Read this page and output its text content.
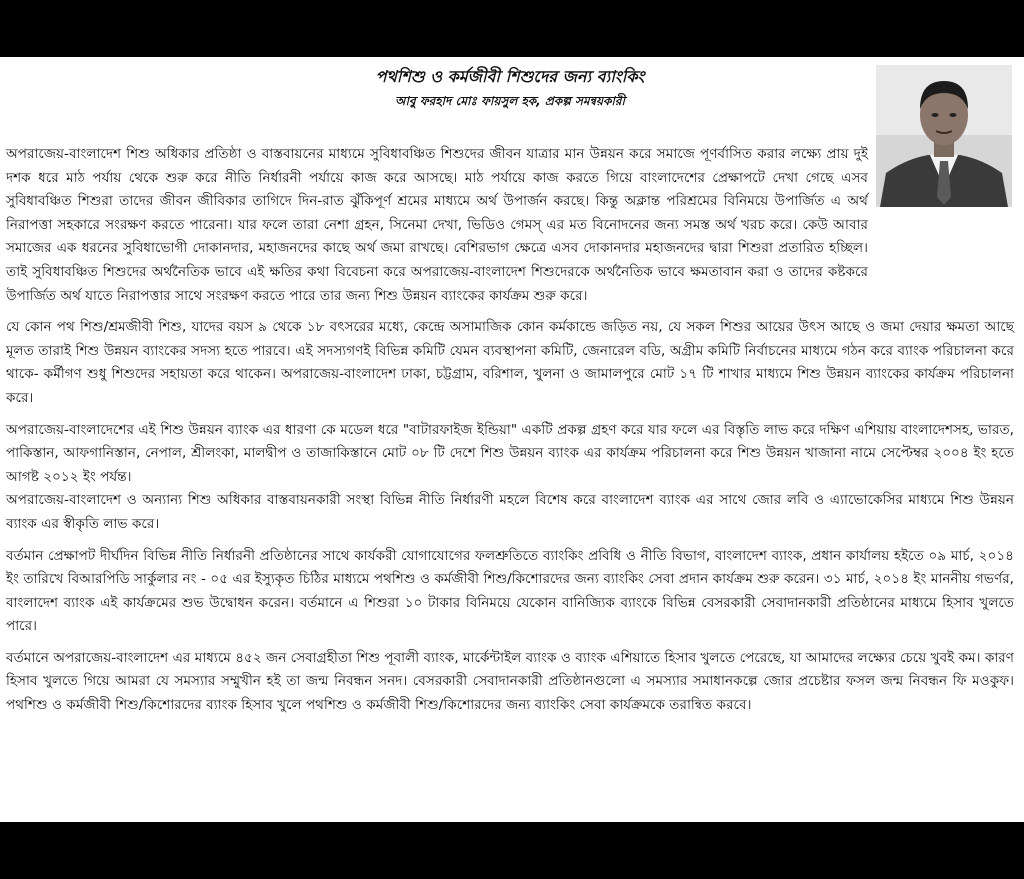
পথশিশু ও কর্মজীবী শিশুদের জন্য ব্যাংকিং
আবু ফরহাদ মোঃ ফায়সুল হক, প্রকল্প সমন্বয়কারী

অপরাজেয়-বাংলাদেশ শিশু অধিকার প্রতিষ্ঠা ও বাস্তবায়নের মাধ্যমে সুবিধাবঞ্চিত শিশুদের জীবন যাত্রার মান উন্নয়ন করে সমাজে পূণর্বাসিত করার লক্ষ্যে প্রায় দুই দশক ধরে মাঠ পর্যায় থেকে শুরু করে নীতি নির্ধারনী পর্যায়ে কাজ করে আসছে। মাঠ পর্যায়ে কাজ করতে গিয়ে বাংলাদেশের প্রেক্ষাপটে দেখা গেছে এসব সুবিধাবঞ্চিত শিশুরা তাদের জীবন জীবিকার তাগিদে দিন-রাত ঝুঁকিপূর্ণ শ্রমের মাধ্যমে অর্থ উপার্জন করছে। কিন্তু অক্লান্ত পরিশ্রমের বিনিময়ে উপার্জিত এ অর্থ নিরাপত্তা সহকারে সংরক্ষণ করতে পারেনা। যার ফলে তারা নেশা গ্রহন, সিনেমা দেখা, ভিডিও গেমস্ এর মত বিনোদনের জন্য সমস্ত অর্থ খরচ করে। কেউ আবার সমাজের এক ধরনের সুবিধাভোগী দোকানদার, মহাজনদের কাছে অর্থ জমা রাখছে। বেশিরভাগ ক্ষেত্রে এসব দোকানদার মহাজনদের দ্বারা শিশুরা প্রতারিত হচ্ছিল। তাই সুবিধাবঞ্চিত শিশুদের অর্থনৈতিক ভাবে এই ক্ষতির কথা বিবেচনা করে অপরাজেয়-বাংলাদেশ শিশুদেরকে অর্থনৈতিক ভাবে ক্ষমতাবান করা ও তাদের কষ্টকরে উপার্জিত অর্থ যাতে নিরাপত্তার সাথে সংরক্ষণ করতে পারে তার জন্য শিশু উন্নয়ন ব্যাংকের কার্যক্রম শুরু করে।

যে কোন পথ শিশু/শ্রমজীবী শিশু, যাদের বয়স ৯ থেকে ১৮ বৎসরের মধ্যে, কেন্দ্রে অসামাজিক কোন কর্মকান্ডে জড়িত নয়, যে সকল শিশুর আয়ের উৎস আছে ও জমা দেয়ার ক্ষমতা আছে মূলত তারাই শিশু উন্নয়ন ব্যাংকের সদস্য হতে পারবে। এই সদস্যগণই বিভিন্ন কমিটি যেমন ব্যবস্থাপনা কমিটি, জেনারেল বডি, অগ্রীম কমিটি নির্বাচনের মাধ্যমে গঠন করে ব্যাংক পরিচালনা করে থাকে- কর্মীগণ শুধু শিশুদের সহায়তা করে থাকেন। অপরাজেয়-বাংলাদেশ ঢাকা, চট্টগ্রাম, বরিশাল, খুলনা ও জামালপুরে মোট ১৭ টি শাখার মাধ্যমে শিশু উন্নয়ন ব্যাংকের কার্যক্রম পরিচালনা করে।

অপরাজেয়-বাংলাদেশের এই শিশু উন্নয়ন ব্যাংক এর ধারণা কে মডেল ধরে "বাটারফাইজ ইন্ডিয়া" একটি প্রকল্প গ্রহণ করে যার ফলে এর বিস্তৃতি লাভ করে দক্ষিণ এশিয়ায় বাংলাদেশসহ, ভারত, পাকিস্তান, আফগানিস্তান, নেপাল, শ্রীলংকা, মালদ্বীপ ও তাজাকিস্তানে মোট ০৮ টি দেশে শিশু উন্নয়ন ব্যাংক এর কার্যক্রম পরিচালনা করে শিশু উন্নয়ন খাজানা নামে সেপ্টেম্বর ২০০৪ ইং হতে আগষ্ট ২০১২ ইং পর্যন্ত।

অপরাজেয়-বাংলাদেশ ও অন্যান্য শিশু অধিকার বাস্তবায়নকারী সংস্থা বিভিন্ন নীতি নির্ধারণী মহলে বিশেষ করে বাংলাদেশ ব্যাংক এর সাথে জোর লবি ও এ্যাভোকেসির মাধ্যমে শিশু উন্নয়ন ব্যাংক এর স্বীকৃতি লাভ করে।

বর্তমান প্রেক্ষাপট দীর্ঘদিন বিভিন্ন নীতি নির্ধারনী প্রতিষ্ঠানের সাথে কার্যকরী যোগাযোগের ফলশ্রুতিতে ব্যাংকিং প্রবিধি ও নীতি বিভাগ, বাংলাদেশ ব্যাংক, প্রধান কার্যালয় হইতে ০৯ মার্চ, ২০১৪ ইং তারিখে বিআরপিডি সার্কুলার নং - ০৫ এর ইস্যুকৃত চিঠির মাধ্যমে পথশিশু ও কর্মজীবী শিশু/কিশোরদের জন্য ব্যাংকিং সেবা প্রদান কার্যক্রম শুরু করেন। ৩১ মার্চ, ২০১৪ ইং মাননীয় গভর্ণর, বাংলাদেশ ব্যাংক এই কার্যক্রমের শুভ উদ্বোধন করেন। বর্তমানে এ শিশুরা ১০ টাকার বিনিময়ে যেকোন বানিজ্যিক ব্যাংকে বিভিন্ন বেসরকারী সেবাদানকারী প্রতিষ্ঠানের মাধ্যমে হিসাব খুলতে পারে।

বর্তমানে অপরাজেয়-বাংলাদেশ এর মাধ্যমে ৪৫২ জন সেবাগ্রহীতা শিশু পূবালী ব্যাংক, মার্কেন্টাইল ব্যাংক ও ব্যাংক এশিয়াতে হিসাব খুলতে পেরেছে, যা আমাদের লক্ষ্যের চেয়ে খুবই কম। কারণ হিসাব খুলতে গিয়ে আমরা যে সমস্যার সম্মুখীন হই তা জন্ম নিবন্ধন সনদ। বেসরকারী সেবাদানকারী প্রতিষ্ঠানগুলো এ সমস্যার সমাধানকল্পে জোর প্রচেষ্টার ফসল জন্ম নিবন্ধন ফি মওকুফ। পথশিশু ও কর্মজীবী শিশু/কিশোরদের ব্যাংক হিসাব খুলে পথশিশু ও কর্মজীবী শিশু/কিশোরদের জন্য ব্যাংকিং সেবা কার্যক্রমকে তরান্বিত করবে।
